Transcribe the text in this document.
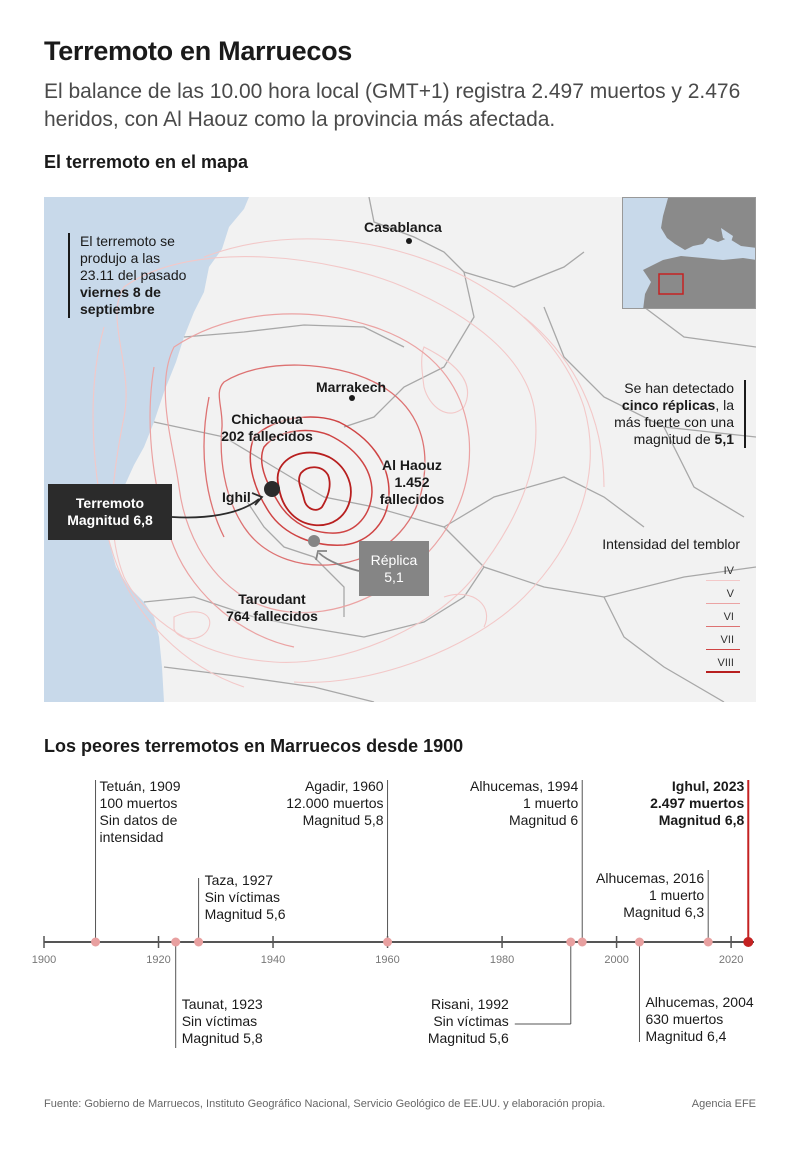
Terremoto en Marruecos
El balance de las 10.00 hora local (GMT+1) registra 2.497 muertos y 2.476 heridos, con Al Haouz como la provincia más afectada.
El terremoto en el mapa
El terremoto se produjo a las 23.11 del pasado viernes 8 de septiembre
Se han detectado cinco réplicas, la más fuerte con una magnitud de 5,1
Casablanca
Marrakech
Chichaoua
202 fallecidos
Al Haouz
1.452 fallecidos
Taroudant
764 fallecidos
Ighil
Terremoto
Magnitud 6,8
Réplica
5,1
Intensidad del temblor
IV
V
VI
VII
VIII
Los peores terremotos en Marruecos desde 1900
1900	1920	1940	1960	1980	2000	2020
Tetuán, 1909
100 muertos
Sin datos de intensidad
Taunat, 1923
Sin víctimas
Magnitud 5,8
Taza, 1927
Sin víctimas
Magnitud 5,6
Agadir, 1960
12.000 muertos
Magnitud 5,8
Risani, 1992
Sin víctimas
Magnitud 5,6
Alhucemas, 1994
1 muerto
Magnitud 6
Alhucemas, 2004
630 muertos
Magnitud 6,4
Alhucemas, 2016
1 muerto
Magnitud 6,3
Ighul, 2023
2.497 muertos
Magnitud 6,8
Fuente: Gobierno de Marruecos, Instituto Geográfico Nacional, Servicio Geológico de EE.UU. y elaboración propia.	Agencia EFE
